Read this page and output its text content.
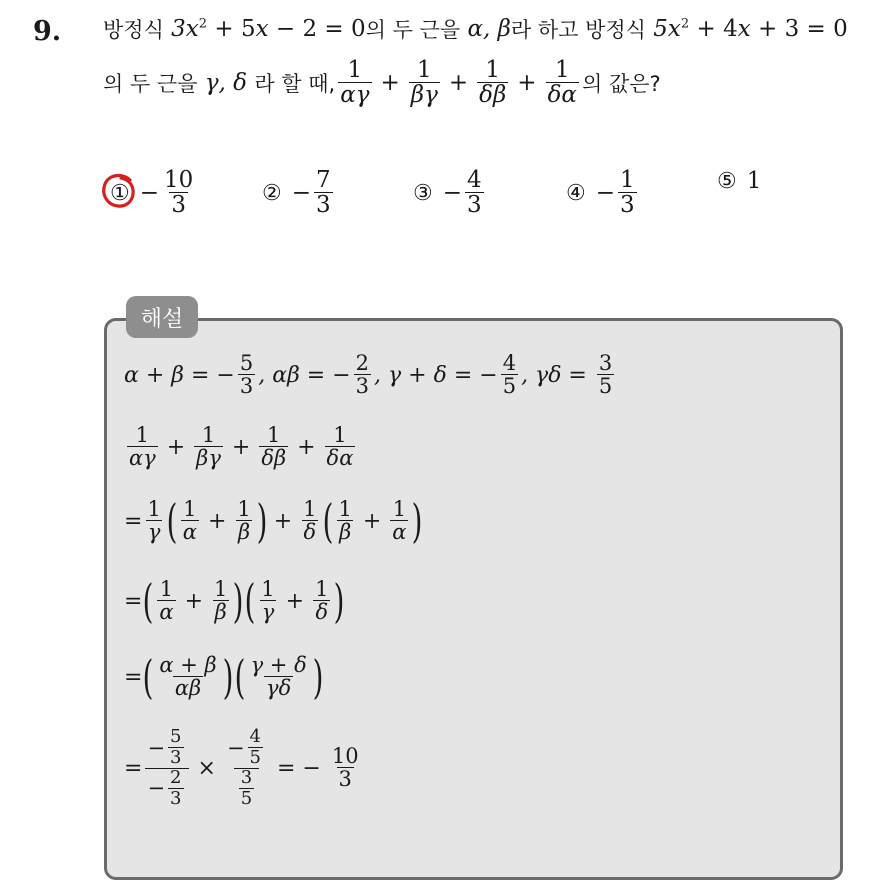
9. 방정식
$3x^2 + 5x - 2 = 0$ 의 두 근을
α, β 라 하고 방정식
$5x^2 + 4x + 3 = 0$
의 두 근을
γ, δ
라 할 때, $\frac{1}{\alpha\gamma} + \frac{1}{\beta\gamma} + \frac{1}{\delta\beta} + \frac{1}{\delta\alpha}$ 의 값은?
① − $\frac{10}{3}$	② − $\frac{7}{3}$	③ − $\frac{4}{3}$	④ − $\frac{1}{3}$	⑤ 1
해설
α + β = − $\frac{5}{3}$ , αβ = − $\frac{2}{3}$ , γ + δ = − $\frac{4}{5}$ , γδ =
$\frac{3}{5}$
$\frac{1}{\alpha\gamma} + \frac{1}{\beta\gamma} + \frac{1}{\delta\beta} + \frac{1}{\delta\alpha}$
= $\frac{1}{\gamma}$ ( $\frac{1}{\alpha} + \frac{1}{\beta}$ ) + $\frac{1}{\delta}$ ( $\frac{1}{\beta} + \frac{1}{\alpha}$ )
= ( $\frac{1}{\alpha} + \frac{1}{\beta}$ ) ( $\frac{1}{\gamma} + \frac{1}{\delta}$ )
= ( $\frac{\alpha + \beta}{\alpha\beta}$ ) ( $\frac{\gamma + \delta}{\gamma\delta}$ )
= $\frac{- \frac{5}{3}}{- \frac{2}{3}} \times \frac{- \frac{4}{5}}{\frac{3}{5}}$ = − $\frac{10}{3}$
